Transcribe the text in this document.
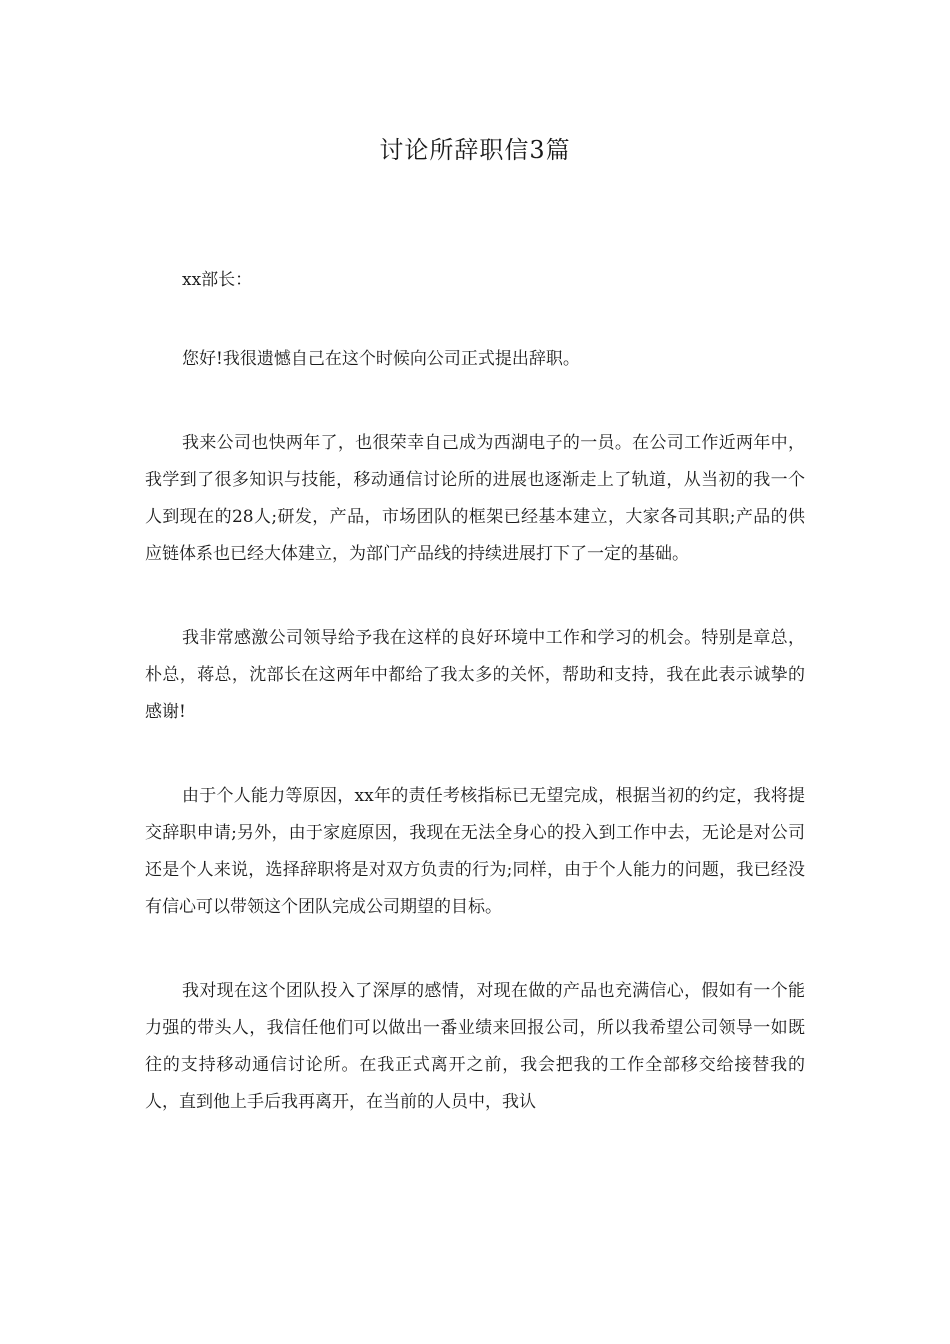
讨论所辞职信3篇

xx部长：

您好!我很遗憾自己在这个时候向公司正式提出辞职。

我来公司也快两年了，也很荣幸自己成为西湖电子的一员。在公司工作近两年中，我学到了很多知识与技能，移动通信讨论所的进展也逐渐走上了轨道，从当初的我一个人到现在的28人;研发，产品，市场团队的框架已经基本建立，大家各司其职;产品的供应链体系也已经大体建立，为部门产品线的持续进展打下了一定的基础。

我非常感激公司领导给予我在这样的良好环境中工作和学习的机会。特别是章总，朴总，蒋总，沈部长在这两年中都给了我太多的关怀，帮助和支持，我在此表示诚挚的感谢!

由于个人能力等原因，xx年的责任考核指标已无望完成，根据当初的约定，我将提交辞职申请;另外，由于家庭原因，我现在无法全身心的投入到工作中去，无论是对公司还是个人来说，选择辞职将是对双方负责的行为;同样，由于个人能力的问题，我已经没有信心可以带领这个团队完成公司期望的目标。

我对现在这个团队投入了深厚的感情，对现在做的产品也充满信心，假如有一个能力强的带头人，我信任他们可以做出一番业绩来回报公司，所以我希望公司领导一如既往的支持移动通信讨论所。在我正式离开之前，我会把我的工作全部移交给接替我的人，直到他上手后我再离开，在当前的人员中，我认
